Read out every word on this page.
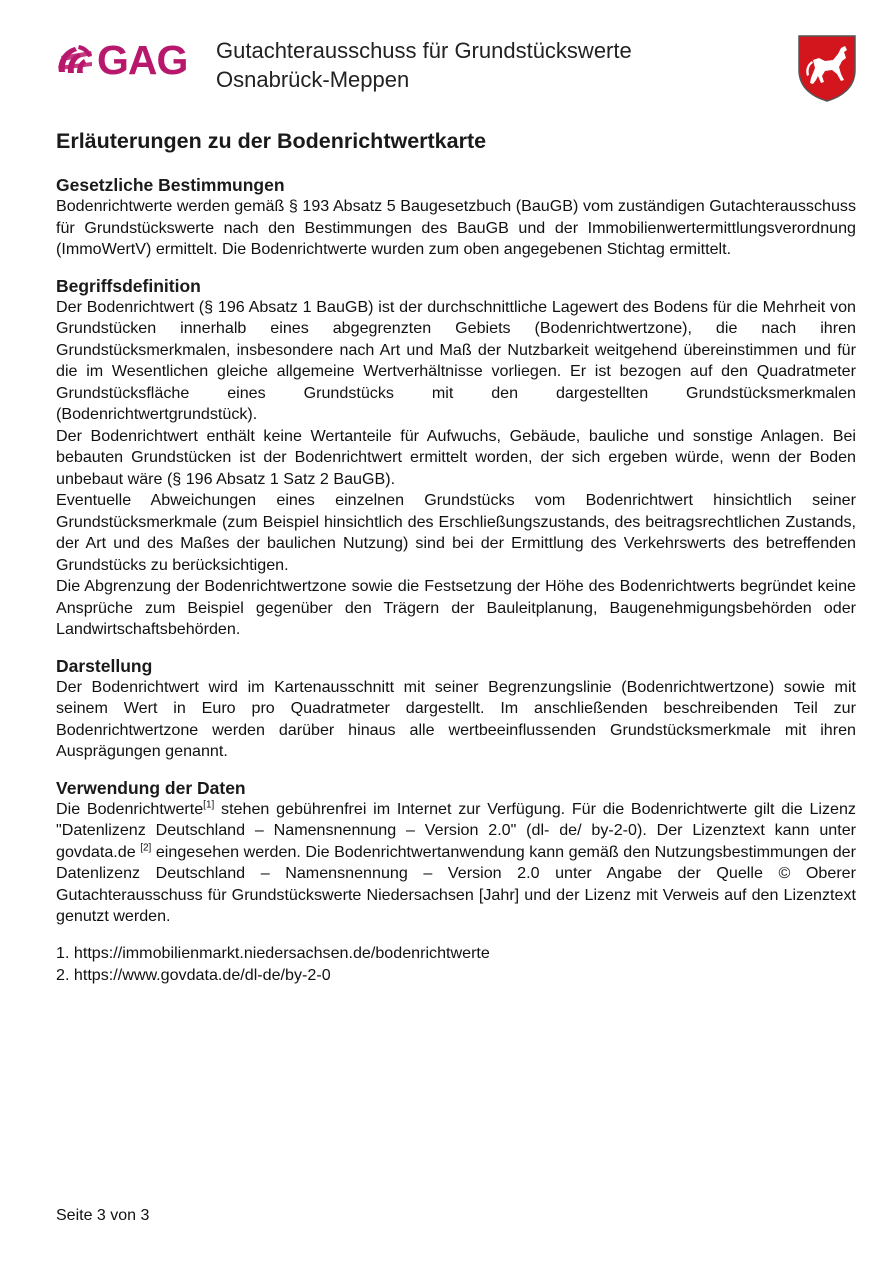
GAG Gutachterausschuss für Grundstückswerte
Osnabrück-Meppen
Erläuterungen zu der Bodenrichtwertkarte
Gesetzliche Bestimmungen

Bodenrichtwerte werden gemäß § 193 Absatz 5 Baugesetzbuch (BauGB) vom zuständigen Gutachterausschuss für Grundstückswerte nach den Bestimmungen des BauGB und der Immobilienwertermittlungsverordnung (ImmoWertV) ermittelt. Die Bodenrichtwerte wurden zum oben angegebenen Stichtag ermittelt.

Begriffsdefinition

Der Bodenrichtwert (§ 196 Absatz 1 BauGB) ist der durchschnittliche Lagewert des Bodens für die Mehrheit von Grundstücken innerhalb eines abgegrenzten Gebiets (Bodenrichtwertzone), die nach ihren Grundstücksmerkmalen, insbesondere nach Art und Maß der Nutzbarkeit weitgehend übereinstimmen und für die im Wesentlichen gleiche allgemeine Wertverhältnisse vorliegen. Er ist bezogen auf den Quadratmeter Grundstücksfläche eines Grundstücks mit den dargestellten Grundstücksmerkmalen (Bodenrichtwertgrundstück).

Der Bodenrichtwert enthält keine Wertanteile für Aufwuchs, Gebäude, bauliche und sonstige Anlagen. Bei bebauten Grundstücken ist der Bodenrichtwert ermittelt worden, der sich ergeben würde, wenn der Boden unbebaut wäre (§ 196 Absatz 1 Satz 2 BauGB).

Eventuelle Abweichungen eines einzelnen Grundstücks vom Bodenrichtwert hinsichtlich seiner Grundstücksmerkmale (zum Beispiel hinsichtlich des Erschließungszustands, des beitragsrechtlichen Zustands, der Art und des Maßes der baulichen Nutzung) sind bei der Ermittlung des Verkehrswerts des betreffenden Grundstücks zu berücksichtigen.

Die Abgrenzung der Bodenrichtwertzone sowie die Festsetzung der Höhe des Bodenrichtwerts begründet keine Ansprüche zum Beispiel gegenüber den Trägern der Bauleitplanung, Baugenehmigungsbehörden oder Landwirtschaftsbehörden.

Darstellung

Der Bodenrichtwert wird im Kartenausschnitt mit seiner Begrenzungslinie (Bodenrichtwertzone) sowie mit seinem Wert in Euro pro Quadratmeter dargestellt. Im anschließenden beschreibenden Teil zur Bodenrichtwertzone werden darüber hinaus alle wertbeeinflussenden Grundstücksmerkmale mit ihren Ausprägungen genannt.

Verwendung der Daten

Die Bodenrichtwerte[1] stehen gebührenfrei im Internet zur Verfügung. Für die Bodenrichtwerte gilt die Lizenz "Datenlizenz Deutschland – Namensnennung – Version 2.0" (dl- de/ by-2-0). Der Lizenztext kann unter govdata.de [2] eingesehen werden. Die Bodenrichtwertanwendung kann gemäß den Nutzungsbestimmungen der Datenlizenz Deutschland – Namensnennung – Version 2.0 unter Angabe der Quelle © Oberer Gutachterausschuss für Grundstückswerte Niedersachsen [Jahr] und der Lizenz mit Verweis auf den Lizenztext genutzt werden.

1. https://immobilienmarkt.niedersachsen.de/bodenrichtwerte
2. https://www.govdata.de/dl-de/by-2-0
Seite 3 von 3
